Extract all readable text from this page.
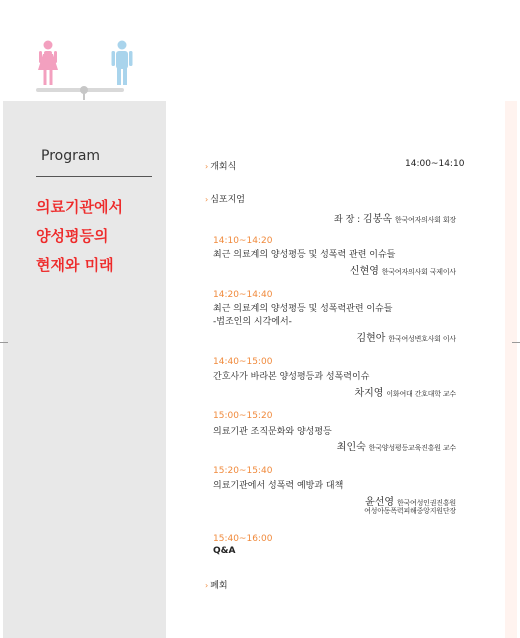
Program
의료기관에서
양성평등의
현재와 미래
› 개회식	14:00~14:10
› 심포지엄
좌 장 : 김봉옥 한국여자의사회 회장
14:10~14:20
최근 의료계의 양성평등 및 성폭력 관련 이슈들
신현영 한국여자의사회 국제이사
14:20~14:40
최근 의료계의 양성평등 및 성폭력관련 이슈들
-법조인의 시각에서-
김현아 한국여성변호사회 이사
14:40~15:00
간호사가 바라본 양성평등과 성폭력이슈
차지영 이화여대 간호대학 교수
15:00~15:20
의료기관 조직문화와 양성평등
최인숙 한국양성평등교육진흥원 교수
15:20~15:40
의료기관에서 성폭력 예방과 대책
윤선영 한국여성인권진흥원
여성아동폭력피해중앙지원단장
15:40~16:00
Q&A
› 폐회
